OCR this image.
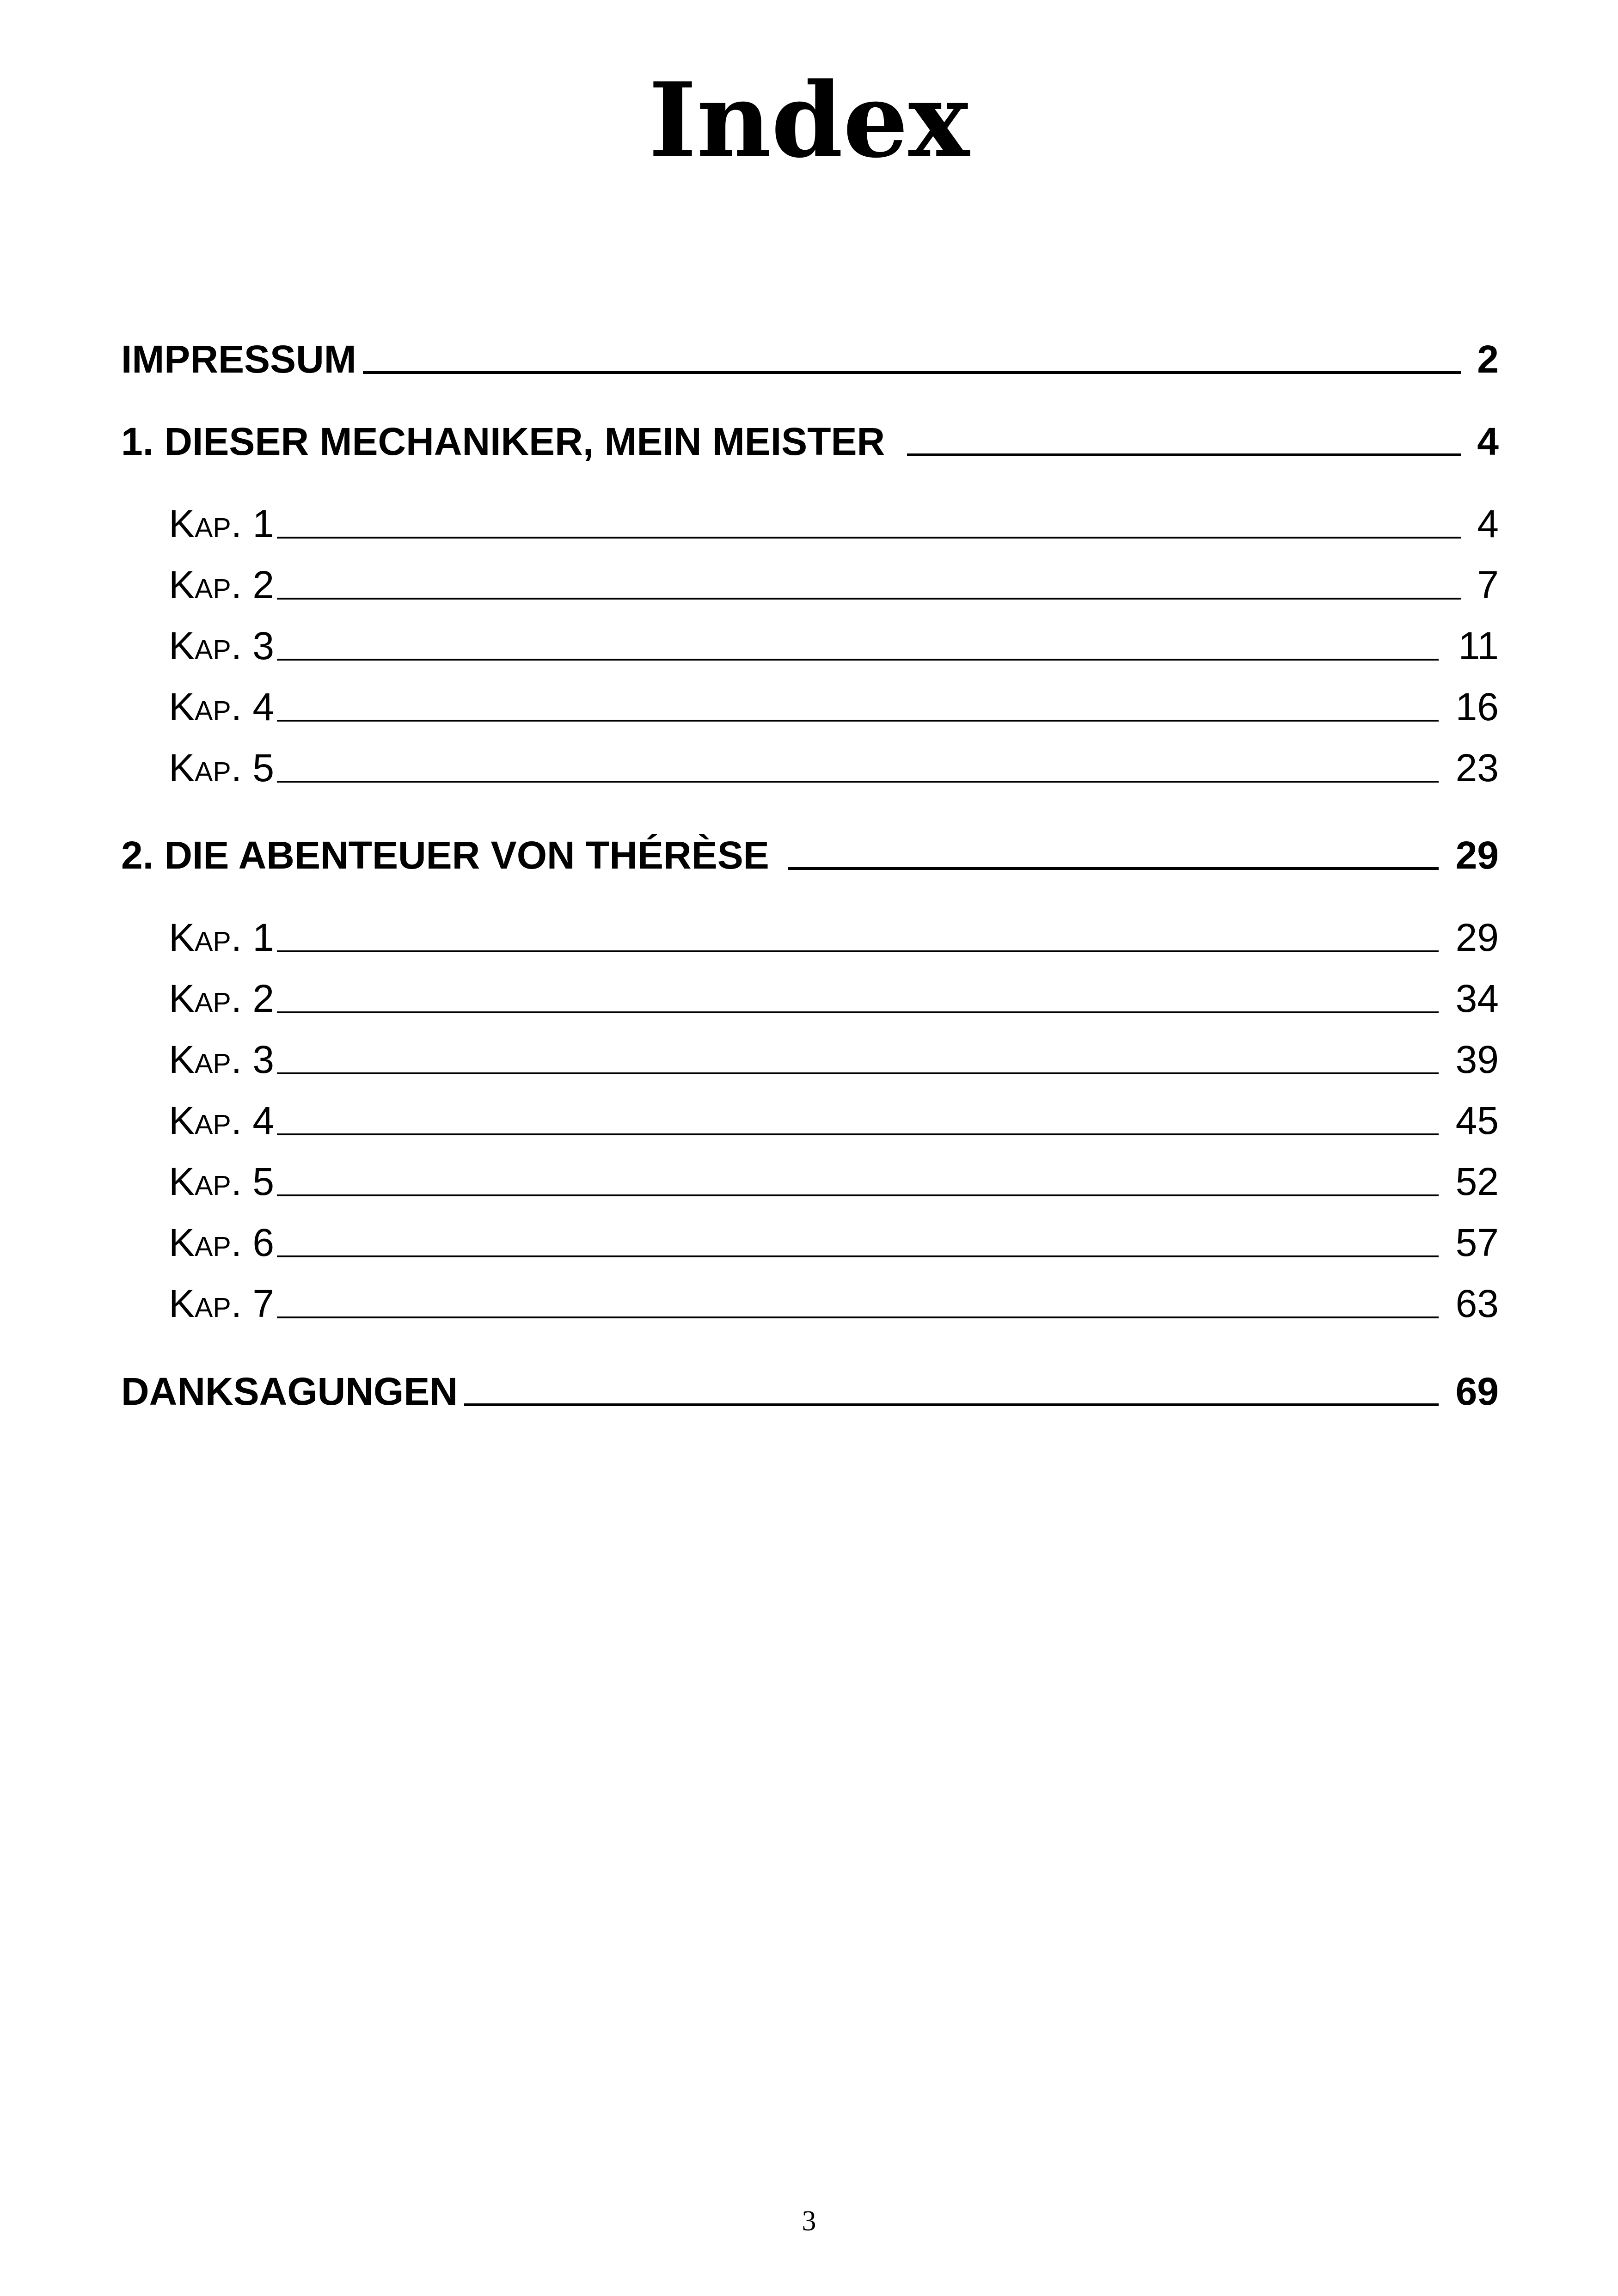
Index
IMPRESSUM	2
1. DIESER MECHANIKER, MEIN MEISTER	4
Kap. 1	4
Kap. 2	7
Kap. 3	11
Kap. 4	16
Kap. 5	23
2. DIE ABENTEUER VON THÉRÈSE	29
Kap. 1	29
Kap. 2	34
Kap. 3	39
Kap. 4	45
Kap. 5	52
Kap. 6	57
Kap. 7	63
DANKSAGUNGEN	69
3
